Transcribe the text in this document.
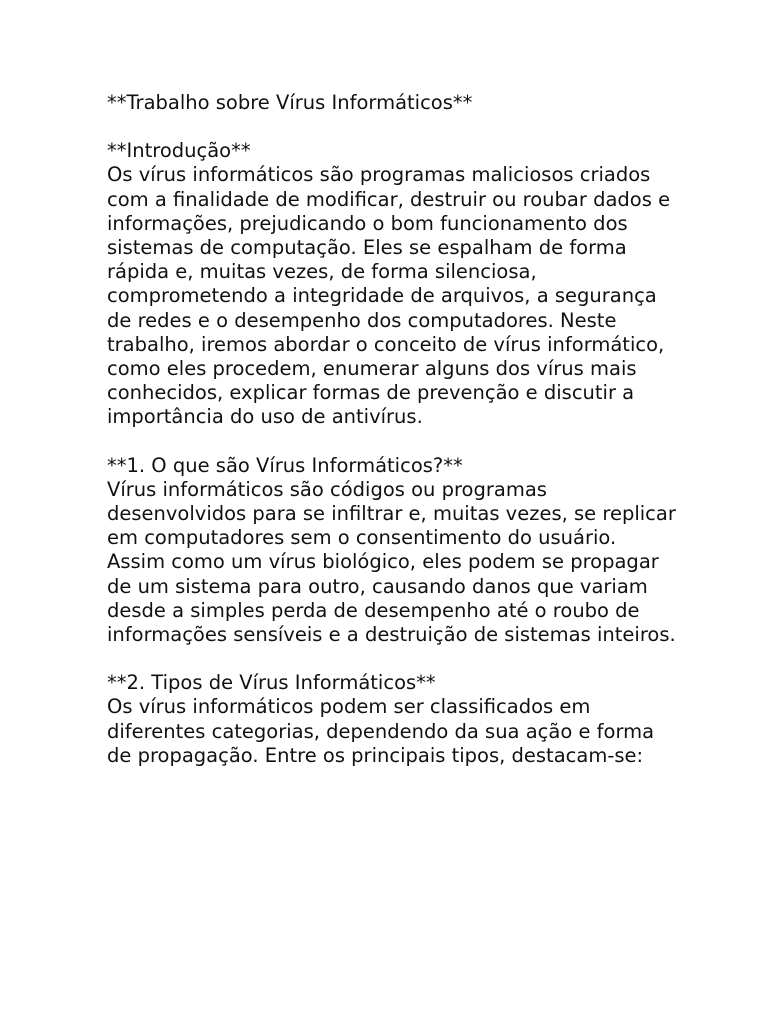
**Trabalho sobre Vírus Informáticos**
**Introdução**
Os vírus informáticos são programas maliciosos criados com a finalidade de modificar, destruir ou roubar dados e informações, prejudicando o bom funcionamento dos sistemas de computação. Eles se espalham de forma rápida e, muitas vezes, de forma silenciosa, comprometendo a integridade de arquivos, a segurança de redes e o desempenho dos computadores. Neste trabalho, iremos abordar o conceito de vírus informático, como eles procedem, enumerar alguns dos vírus mais conhecidos, explicar formas de prevenção e discutir a importância do uso de antivírus.
**1. O que são Vírus Informáticos?**
Vírus informáticos são códigos ou programas desenvolvidos para se infiltrar e, muitas vezes, se replicar em computadores sem o consentimento do usuário. Assim como um vírus biológico, eles podem se propagar de um sistema para outro, causando danos que variam desde a simples perda de desempenho até o roubo de informações sensíveis e a destruição de sistemas inteiros.
**2. Tipos de Vírus Informáticos**
Os vírus informáticos podem ser classificados em diferentes categorias, dependendo da sua ação e forma de propagação. Entre os principais tipos, destacam-se:
